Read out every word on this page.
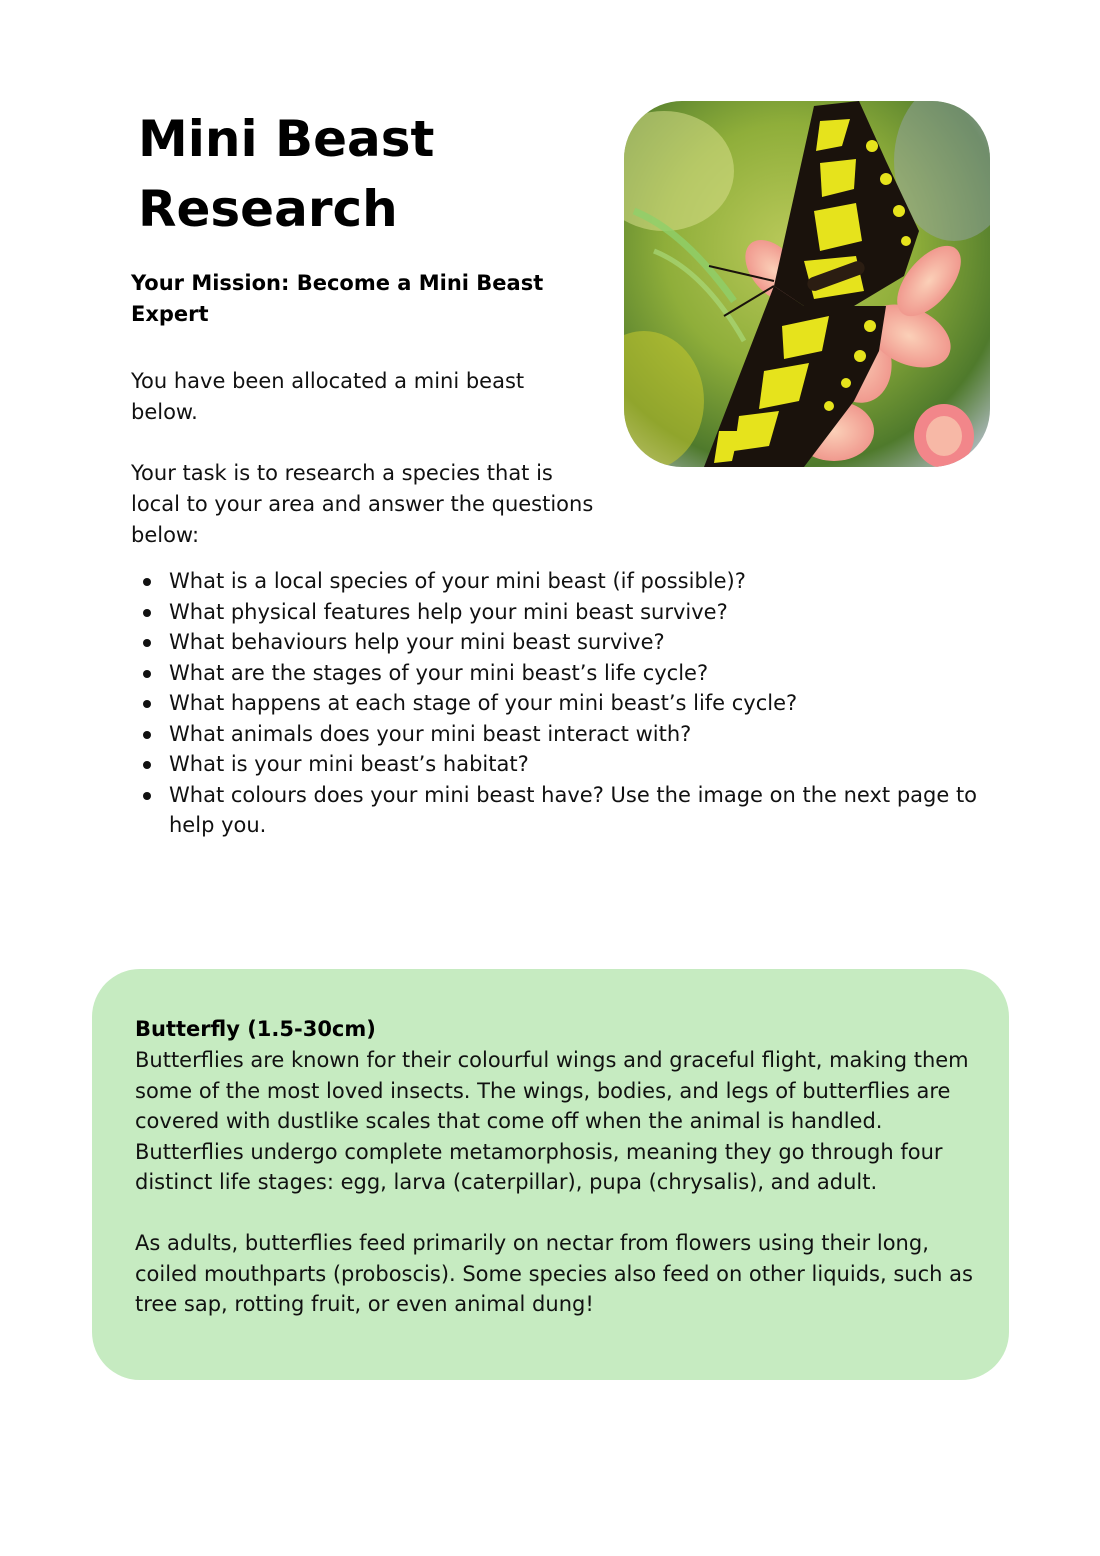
Mini Beast Research

Your Mission: Become a Mini Beast Expert

You have been allocated a mini beast below.

Your task is to research a species that is local to your area and answer the questions below:

What is a local species of your mini beast (if possible)?
What physical features help your mini beast survive?
What behaviours help your mini beast survive?
What are the stages of your mini beast’s life cycle?
What happens at each stage of your mini beast’s life cycle?
What animals does your mini beast interact with?
What is your mini beast’s habitat?
What colours does your mini beast have? Use the image on the next page to help you.

Butterfly (1.5-30cm)

Butterflies are known for their colourful wings and graceful flight, making them some of the most loved insects. The wings, bodies, and legs of butterflies are covered with dustlike scales that come off when the animal is handled. Butterflies undergo complete metamorphosis, meaning they go through four distinct life stages: egg, larva (caterpillar), pupa (chrysalis), and adult.

As adults, butterflies feed primarily on nectar from flowers using their long, coiled mouthparts (proboscis). Some species also feed on other liquids, such as tree sap, rotting fruit, or even animal dung!
